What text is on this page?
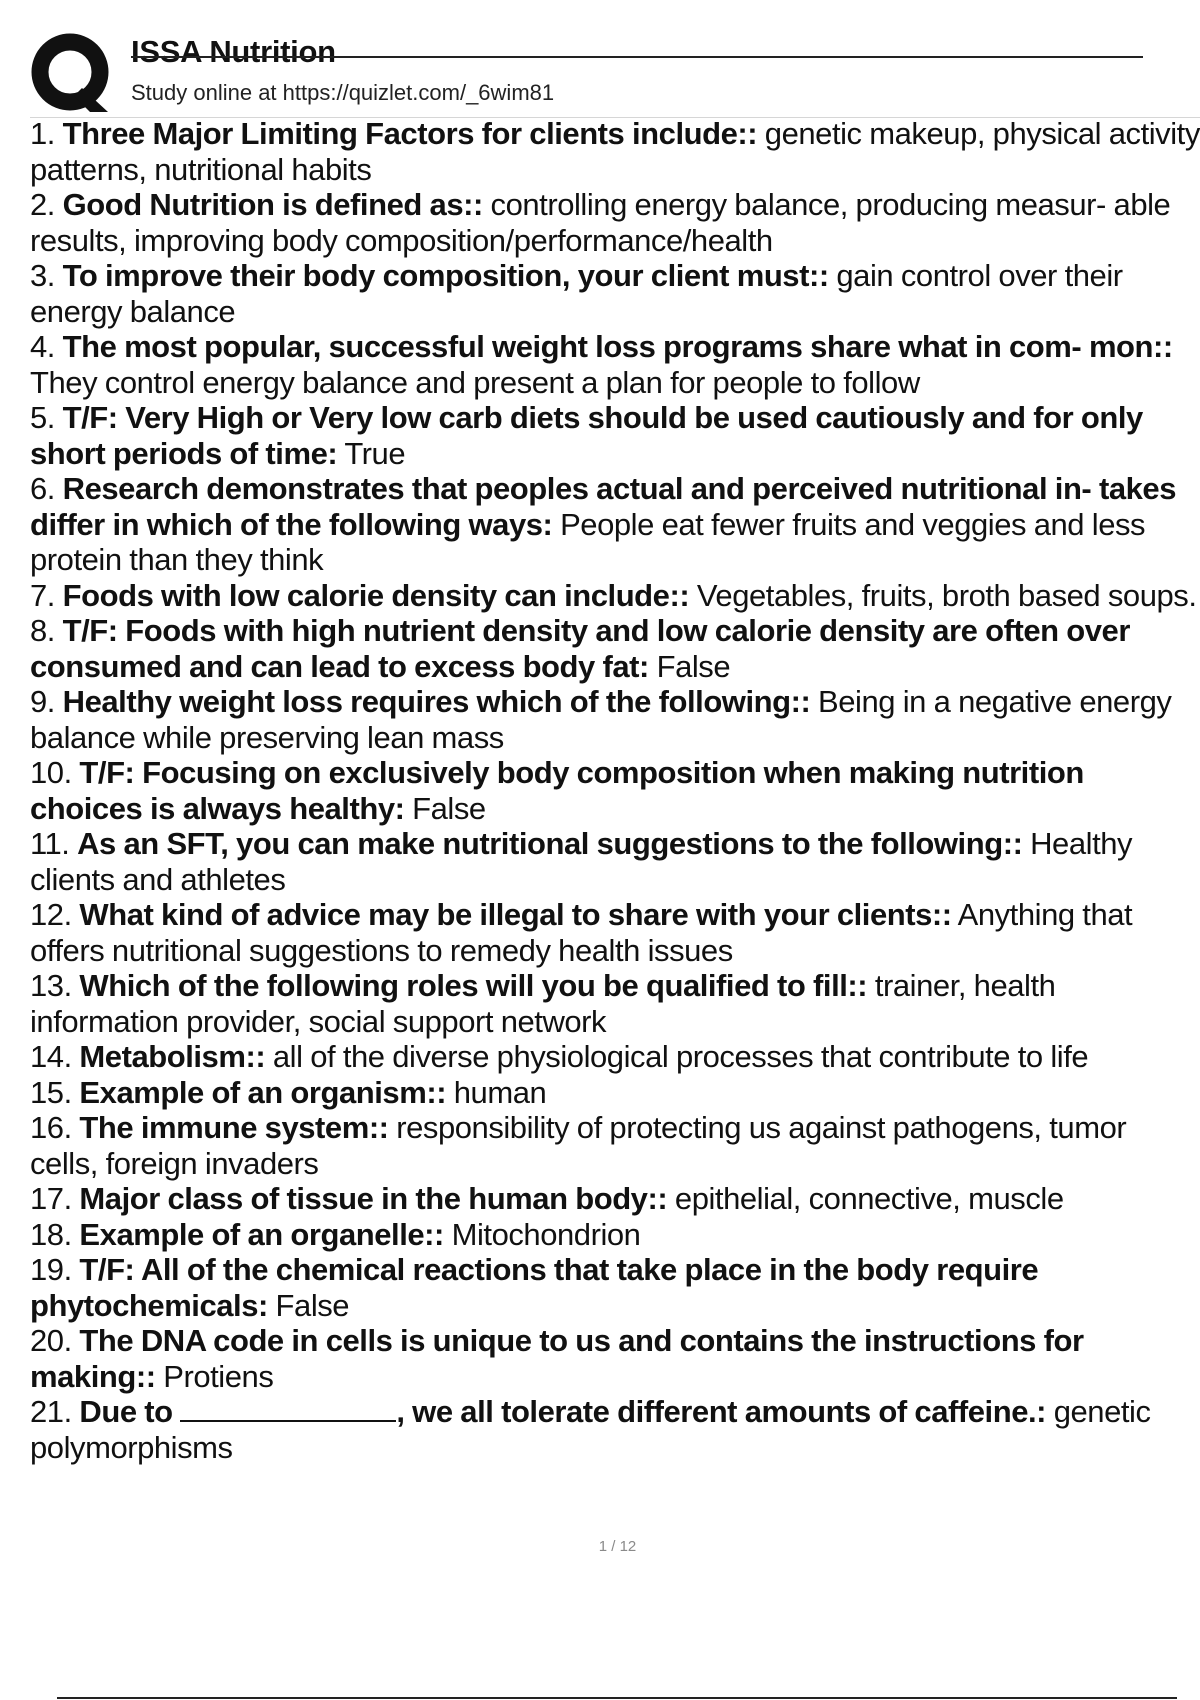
ISSA Nutrition
Study online at https://quizlet.com/_6wim81
1. Three Major Limiting Factors for clients include:: genetic makeup, physical activity patterns, nutritional habits
2. Good Nutrition is defined as:: controlling energy balance, producing measur- able results, improving body composition/performance/health
3. To improve their body composition, your client must:: gain control over their energy balance
4. The most popular, successful weight loss programs share what in com- mon:: They control energy balance and present a plan for people to follow
5. T/F: Very High or Very low carb diets should be used cautiously and for only short periods of time: True
6. Research demonstrates that peoples actual and perceived nutritional in- takes differ in which of the following ways: People eat fewer fruits and veggies and less protein than they think
7. Foods with low calorie density can include:: Vegetables, fruits, broth based soups.
8. T/F: Foods with high nutrient density and low calorie density are often over consumed and can lead to excess body fat: False
9. Healthy weight loss requires which of the following:: Being in a negative energy balance while preserving lean mass
10. T/F: Focusing on exclusively body composition when making nutrition choices is always healthy: False
11. As an SFT, you can make nutritional suggestions to the following:: Healthy clients and athletes
12. What kind of advice may be illegal to share with your clients:: Anything that offers nutritional suggestions to remedy health issues
13. Which of the following roles will you be qualified to fill:: trainer, health information provider, social support network
14. Metabolism:: all of the diverse physiological processes that contribute to life
15. Example of an organism:: human
16. The immune system:: responsibility of protecting us against pathogens, tumor cells, foreign invaders
17. Major class of tissue in the human body:: epithelial, connective, muscle
18. Example of an organelle:: Mitochondrion
19. T/F: All of the chemical reactions that take place in the body require phytochemicals: False
20. The DNA code in cells is unique to us and contains the instructions for making:: Protiens
21. Due to	, we all tolerate different amounts of caffeine.: genetic polymorphisms
1 / 12
